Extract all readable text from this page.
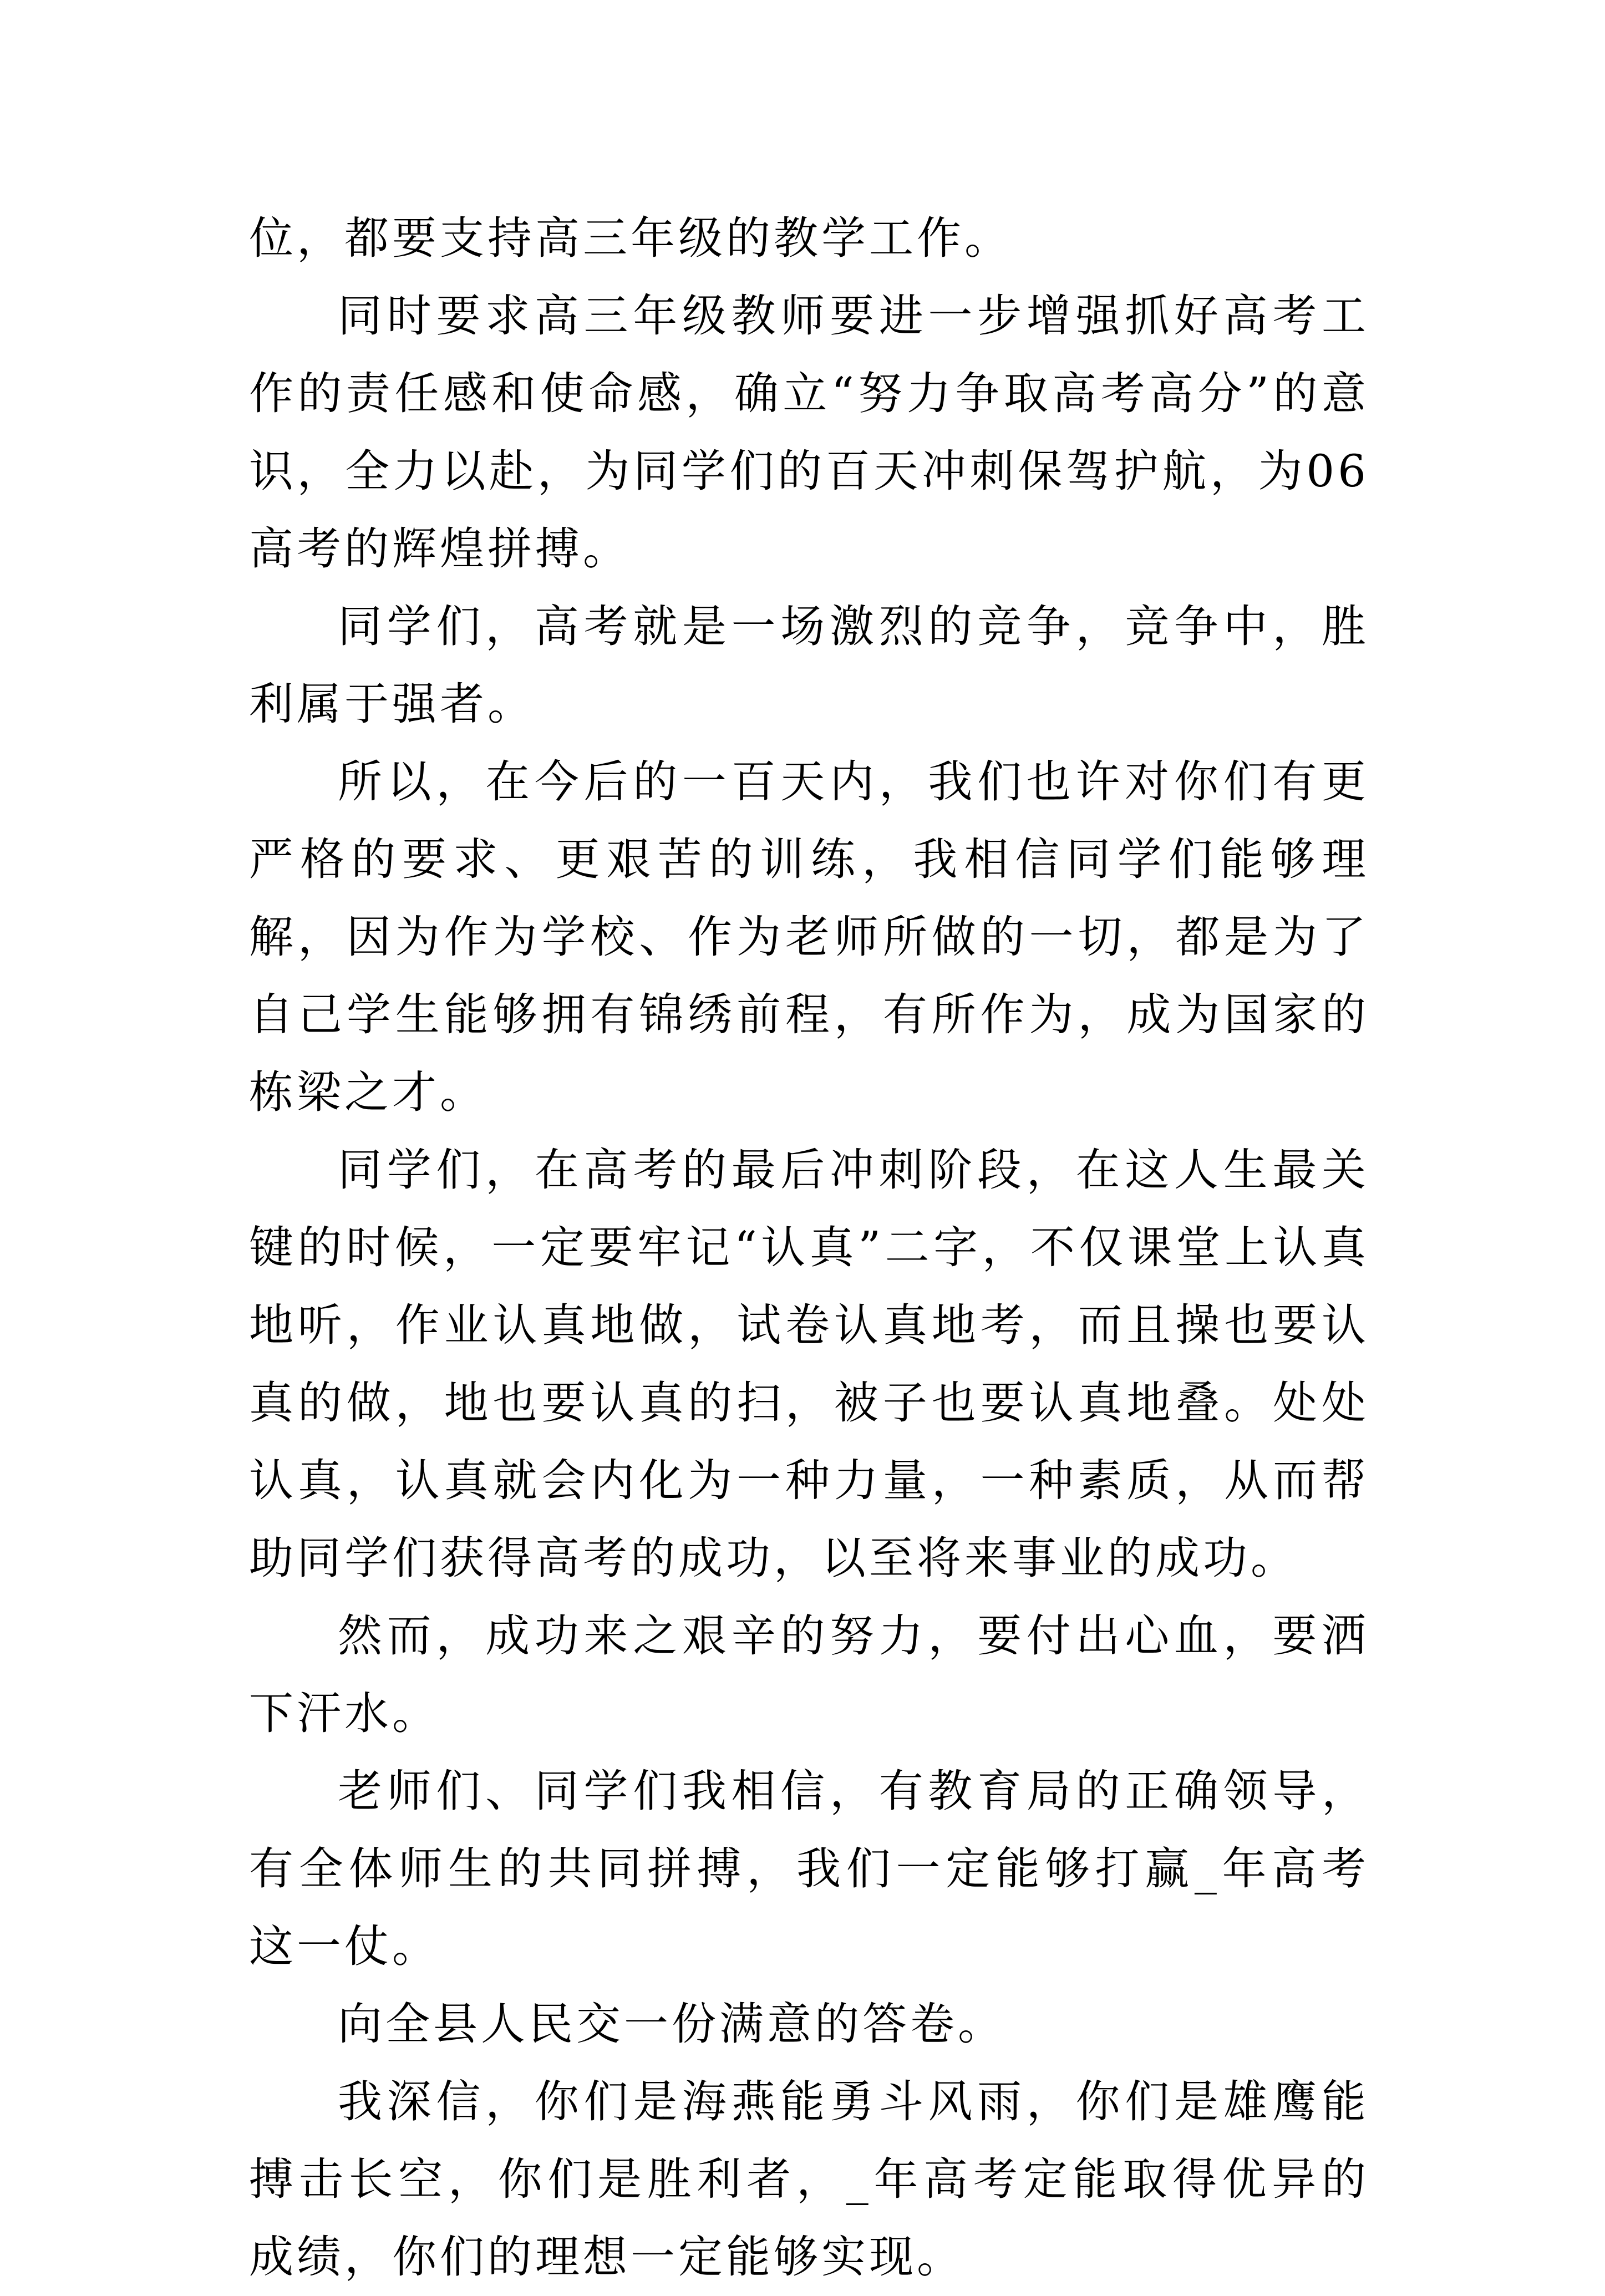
位，都要支持高三年级的教学工作。

同时要求高三年级教师要进一步增强抓好高考工作的责任感和使命感，确立“努力争取高考高分”的意识，全力以赴，为同学们的百天冲刺保驾护航，为06高考的辉煌拼搏。

同学们，高考就是一场激烈的竞争，竞争中，胜利属于强者。

所以，在今后的一百天内，我们也许对你们有更严格的要求、更艰苦的训练，我相信同学们能够理解，因为作为学校、作为老师所做的一切，都是为了自己学生能够拥有锦绣前程，有所作为，成为国家的栋梁之才。

同学们，在高考的最后冲刺阶段，在这人生最关键的时候，一定要牢记“认真”二字，不仅课堂上认真地听，作业认真地做，试卷认真地考，而且操也要认真的做，地也要认真的扫，被子也要认真地叠。处处认真，认真就会内化为一种力量，一种素质，从而帮助同学们获得高考的成功，以至将来事业的成功。

然而，成功来之艰辛的努力，要付出心血，要洒下汗水。

老师们、同学们我相信，有教育局的正确领导，有全体师生的共同拼搏，我们一定能够打赢_年高考这一仗。

向全县人民交一份满意的答卷。

我深信，你们是海燕能勇斗风雨，你们是雄鹰能搏击长空，你们是胜利者，_年高考定能取得优异的成绩，你们的理想一定能够实现。
